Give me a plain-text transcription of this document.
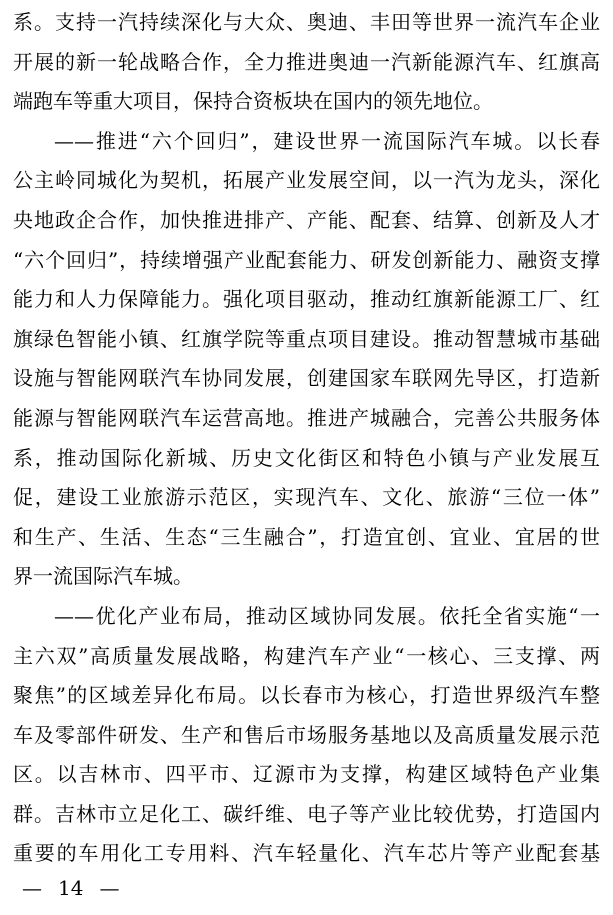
系。支持一汽持续深化与大众、奥迪、丰田等世界一流汽车企业
开展的新一轮战略合作，全力推进奥迪一汽新能源汽车、红旗高
端跑车等重大项目，保持合资板块在国内的领先地位。
——推进“六个回归”，建设世界一流国际汽车城。以长春
公主岭同城化为契机，拓展产业发展空间，以一汽为龙头，深化
央地政企合作，加快推进排产、产能、配套、结算、创新及人才
“六个回归”，持续增强产业配套能力、研发创新能力、融资支撑
能力和人力保障能力。强化项目驱动，推动红旗新能源工厂、红
旗绿色智能小镇、红旗学院等重点项目建设。推动智慧城市基础
设施与智能网联汽车协同发展，创建国家车联网先导区，打造新
能源与智能网联汽车运营高地。推进产城融合，完善公共服务体
系，推动国际化新城、历史文化街区和特色小镇与产业发展互
促，建设工业旅游示范区，实现汽车、文化、旅游“三位一体”
和生产、生活、生态“三生融合”，打造宜创、宜业、宜居的世
界一流国际汽车城。
——优化产业布局，推动区域协同发展。依托全省实施“一
主六双”高质量发展战略，构建汽车产业“一核心、三支撑、两
聚焦”的区域差异化布局。以长春市为核心，打造世界级汽车整
车及零部件研发、生产和售后市场服务基地以及高质量发展示范
区。以吉林市、四平市、辽源市为支撑，构建区域特色产业集
群。吉林市立足化工、碳纤维、电子等产业比较优势，打造国内
重要的车用化工专用料、汽车轻量化、汽车芯片等产业配套基
— 14 —
